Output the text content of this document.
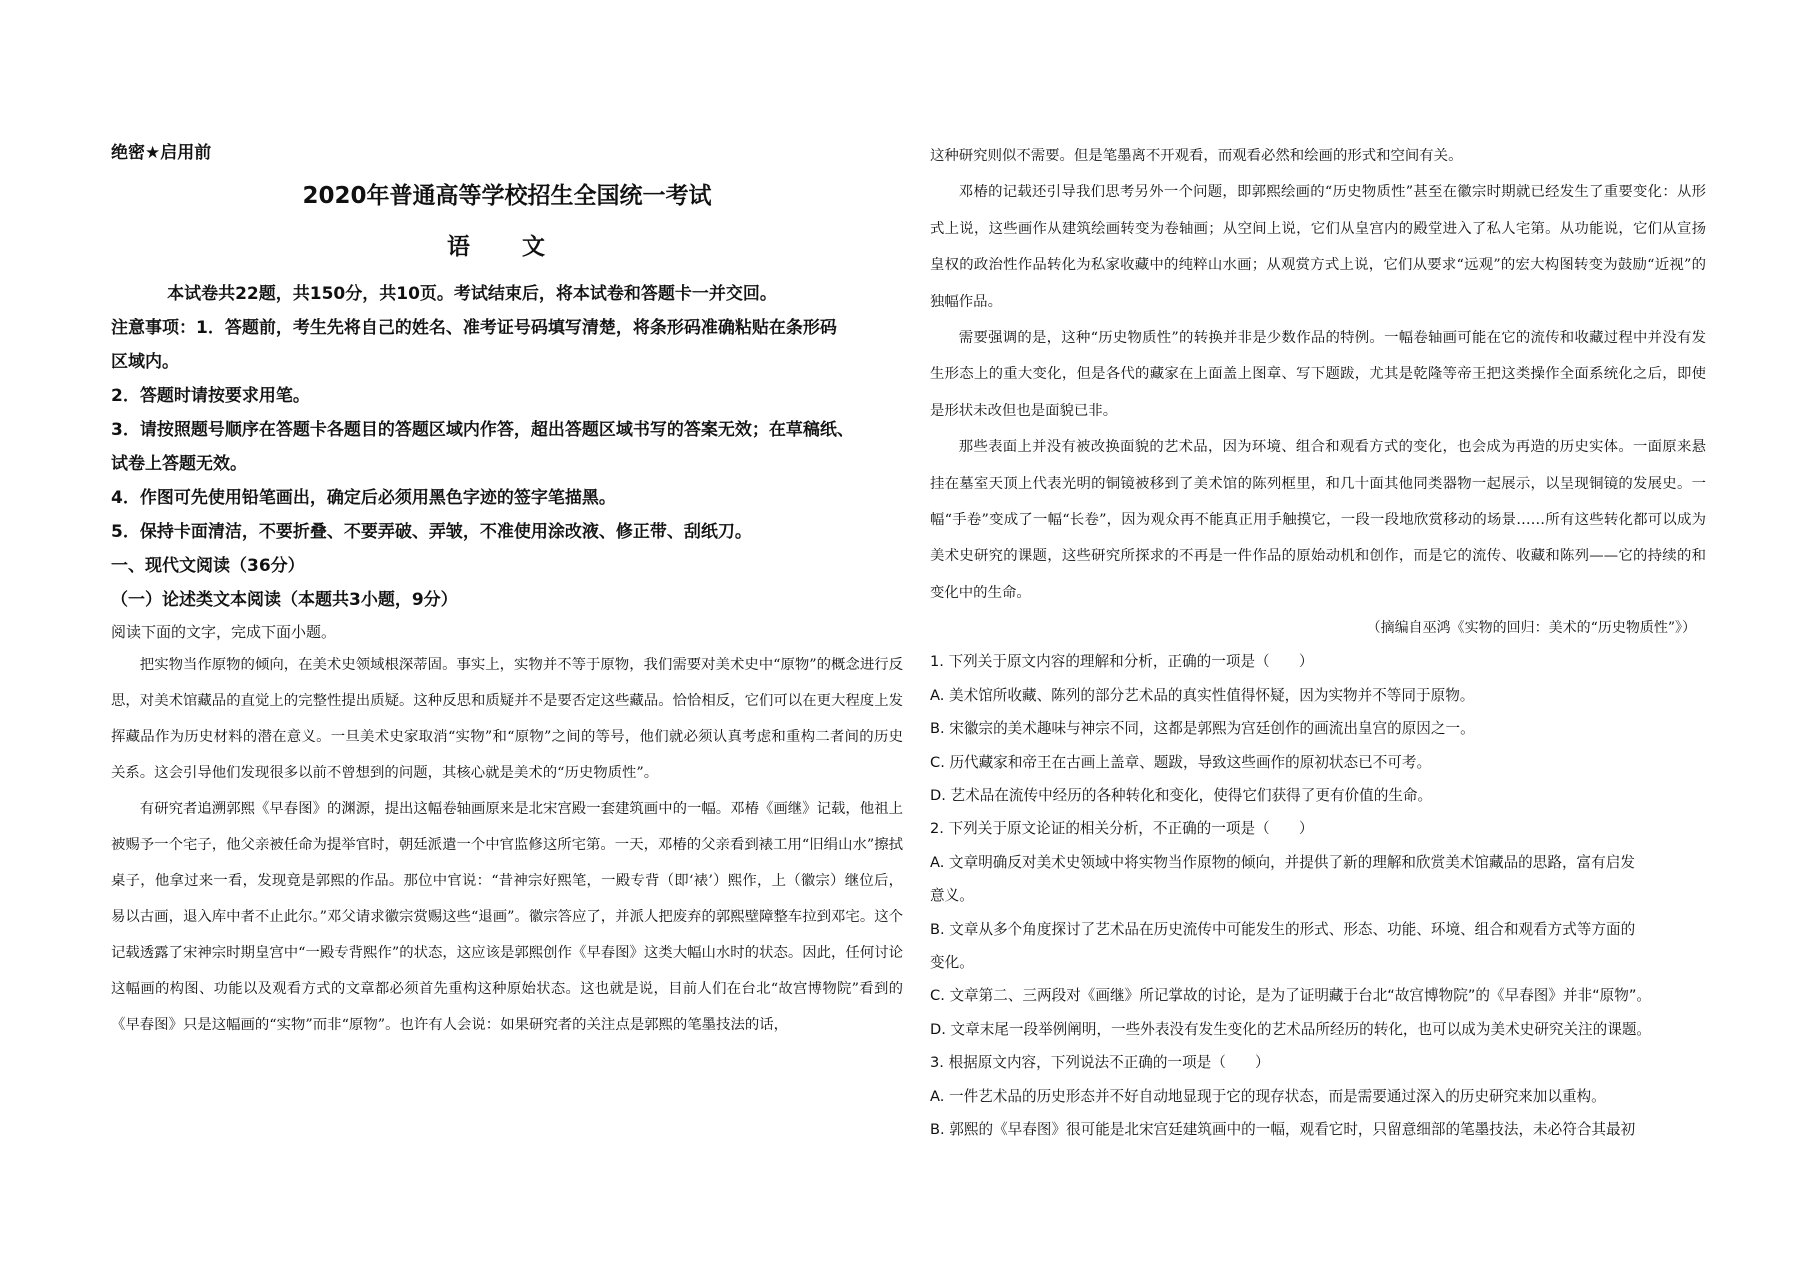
绝密★启用前

2020年普通高等学校招生全国统一考试

语 文

本试卷共22题，共150分，共10页。考试结束后，将本试卷和答题卡一并交回。

注意事项：1．答题前，考生先将自己的姓名、准考证号码填写清楚，将条形码准确粘贴在条形码

区域内。

2．答题时请按要求用笔。

3．请按照题号顺序在答题卡各题目的答题区域内作答，超出答题区域书写的答案无效；在草稿纸、

试卷上答题无效。

4．作图可先使用铅笔画出，确定后必须用黑色字迹的签字笔描黑。

5．保持卡面清洁，不要折叠、不要弄破、弄皱，不准使用涂改液、修正带、刮纸刀。

一、现代文阅读（36分）

（一）论述类文本阅读（本题共3小题，9分）

阅读下面的文字，完成下面小题。

把实物当作原物的倾向，在美术史领域根深蒂固。事实上，实物并不等于原物，我们需要对美术史中“原物”的概念进行反思，对美术馆藏品的直觉上的完整性提出质疑。这种反思和质疑并不是要否定这些藏品。恰恰相反，它们可以在更大程度上发挥藏品作为历史材料的潜在意义。一旦美术史家取消“实物”和“原物”之间的等号，他们就必须认真考虑和重构二者间的历史关系。这会引导他们发现很多以前不曾想到的问题，其核心就是美术的“历史物质性”。

有研究者追溯郭熙《早春图》的渊源，提出这幅卷轴画原来是北宋宫殿一套建筑画中的一幅。邓椿《画继》记载，他祖上被赐予一个宅子，他父亲被任命为提举官时，朝廷派遣一个中官监修这所宅第。一天，邓椿的父亲看到裱工用“旧绢山水”擦拭桌子，他拿过来一看，发现竟是郭熙的作品。那位中官说：“昔神宗好熙笔，一殿专背（即‘裱’）熙作，上（徽宗）继位后，易以古画，退入库中者不止此尔。”邓父请求徽宗赏赐这些“退画”。徽宗答应了，并派人把废弃的郭熙壁障整车拉到邓宅。这个记载透露了宋神宗时期皇宫中“一殿专背熙作”的状态，这应该是郭熙创作《早春图》这类大幅山水时的状态。因此，任何讨论这幅画的构图、功能以及观看方式的文章都必须首先重构这种原始状态。这也就是说，目前人们在台北“故宫博物院”看到的《早春图》只是这幅画的“实物”而非“原物”。也许有人会说：如果研究者的关注点是郭熙的笔墨技法的话，

这种研究则似不需要。但是笔墨离不开观看，而观看必然和绘画的形式和空间有关。

邓椿的记载还引导我们思考另外一个问题，即郭熙绘画的“历史物质性”甚至在徽宗时期就已经发生了重要变化：从形式上说，这些画作从建筑绘画转变为卷轴画；从空间上说，它们从皇宫内的殿堂进入了私人宅第。从功能说，它们从宣扬皇权的政治性作品转化为私家收藏中的纯粹山水画；从观赏方式上说，它们从要求“远观”的宏大构图转变为鼓励“近视”的独幅作品。

需要强调的是，这种“历史物质性”的转换并非是少数作品的特例。一幅卷轴画可能在它的流传和收藏过程中并没有发生形态上的重大变化，但是各代的藏家在上面盖上图章、写下题跋，尤其是乾隆等帝王把这类操作全面系统化之后，即使是形状未改但也是面貌已非。

那些表面上并没有被改换面貌的艺术品，因为环境、组合和观看方式的变化，也会成为再造的历史实体。一面原来悬挂在墓室天顶上代表光明的铜镜被移到了美术馆的陈列框里，和几十面其他同类器物一起展示，以呈现铜镜的发展史。一幅“手卷”变成了一幅“长卷”，因为观众再不能真正用手触摸它，一段一段地欣赏移动的场景……所有这些转化都可以成为美术史研究的课题，这些研究所探求的不再是一件作品的原始动机和创作，而是它的流传、收藏和陈列——它的持续的和变化中的生命。

（摘编自巫鸿《实物的回归：美术的“历史物质性”》）

1. 下列关于原文内容的理解和分析，正确的一项是（　　）

A. 美术馆所收藏、陈列的部分艺术品的真实性值得怀疑，因为实物并不等同于原物。

B. 宋徽宗的美术趣味与神宗不同，这都是郭熙为宫廷创作的画流出皇宫的原因之一。

C. 历代藏家和帝王在古画上盖章、题跋，导致这些画作的原初状态已不可考。

D. 艺术品在流传中经历的各种转化和变化，使得它们获得了更有价值的生命。

2. 下列关于原文论证的相关分析，不正确的一项是（　　）

A. 文章明确反对美术史领域中将实物当作原物的倾向，并提供了新的理解和欣赏美术馆藏品的思路，富有启发

意义。

B. 文章从多个角度探讨了艺术品在历史流传中可能发生的形式、形态、功能、环境、组合和观看方式等方面的

变化。

C. 文章第二、三两段对《画继》所记掌故的讨论，是为了证明藏于台北“故宫博物院”的《早春图》并非“原物”。

D. 文章末尾一段举例阐明，一些外表没有发生变化的艺术品所经历的转化，也可以成为美术史研究关注的课题。

3. 根据原文内容，下列说法不正确的一项是（　　）

A. 一件艺术品的历史形态并不好自动地显现于它的现存状态，而是需要通过深入的历史研究来加以重构。

B. 郭熙的《早春图》很可能是北宋宫廷建筑画中的一幅，观看它时，只留意细部的笔墨技法，未必符合其最初
